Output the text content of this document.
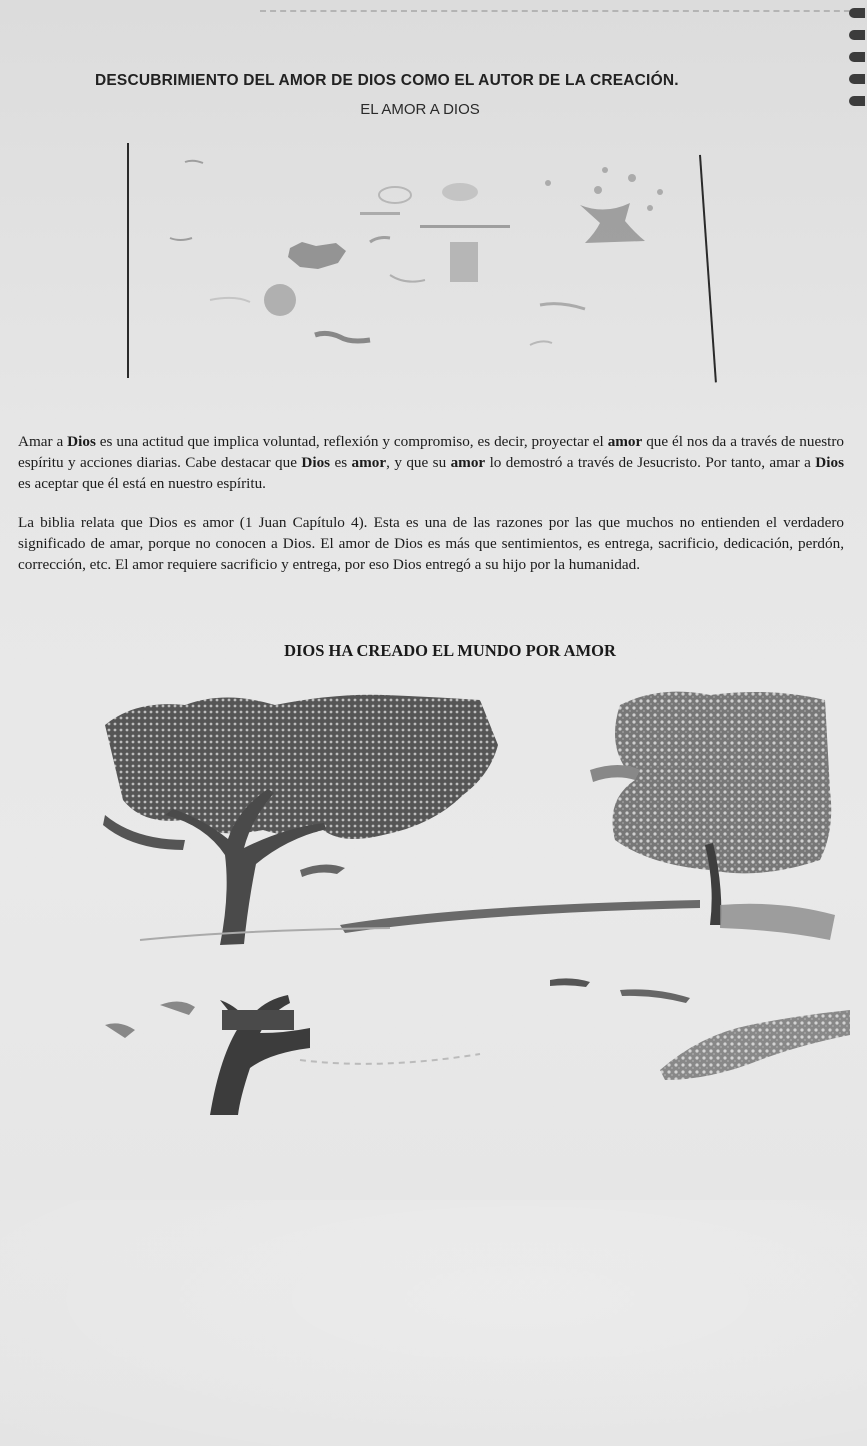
DESCUBRIMIENTO DEL AMOR DE DIOS COMO EL AUTOR DE LA CREACIÓN.
EL AMOR A DIOS
Amar a Dios es una actitud que implica voluntad, reflexión y compromiso, es decir, proyectar el amor que él nos da a través de nuestro espíritu y acciones diarias. Cabe destacar que Dios es amor, y que su amor lo demostró a través de Jesucristo. Por tanto, amar a Dios es aceptar que él está en nuestro espíritu.
La biblia relata que Dios es amor (1 Juan Capítulo 4). Esta es una de las razones por las que muchos no entienden el verdadero significado de amar, porque no conocen a Dios. El amor de Dios es más que sentimientos, es entrega, sacrificio, dedicación, perdón, corrección, etc. El amor requiere sacrificio y entrega, por eso Dios entregó a su hijo por la humanidad.
DIOS HA CREADO EL MUNDO POR AMOR
